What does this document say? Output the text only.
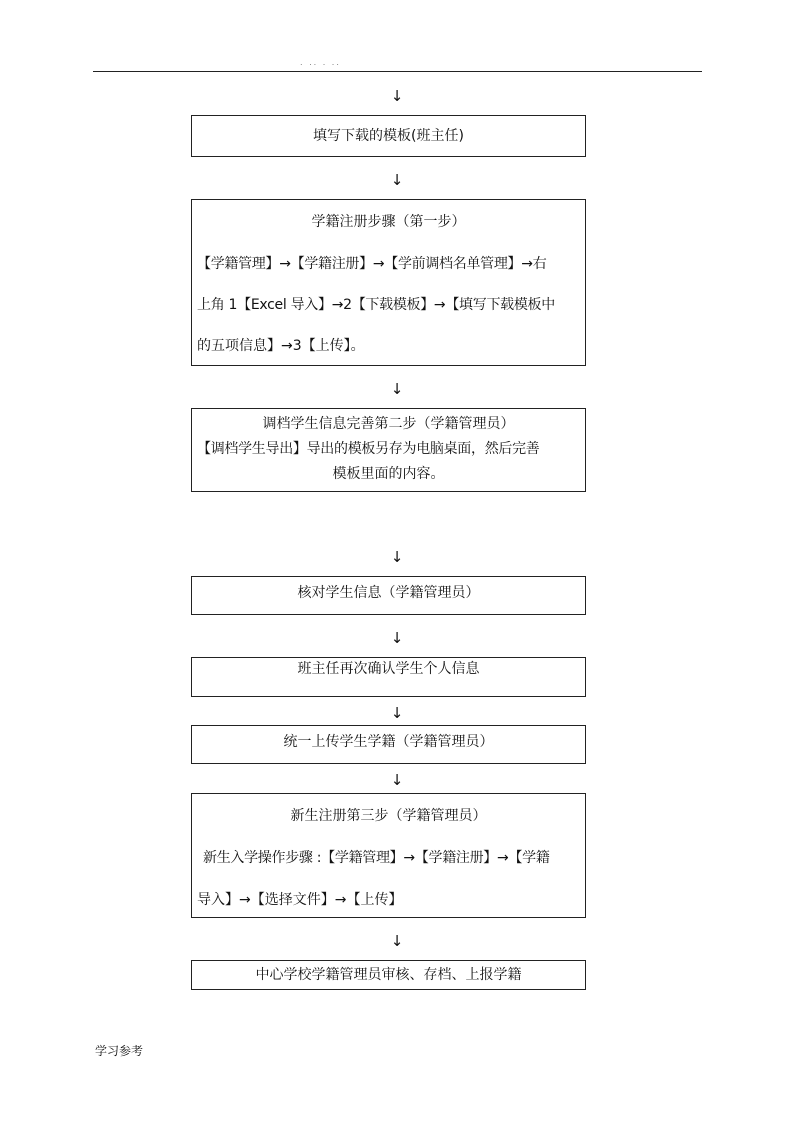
. .. . ..
↓
填写下载的模板(班主任)
↓
学籍注册步骤（第一步）
【学籍管理】→【学籍注册】→【学前调档名单管理】→右
上角 1【Excel 导入】→2【下载模板】→【填写下载模板中
的五项信息】→3【上传】。
↓
调档学生信息完善第二步（学籍管理员）
【调档学生导出】导出的模板另存为电脑桌面，然后完善
模板里面的内容。
↓
核对学生信息（学籍管理员）
↓
班主任再次确认学生个人信息
↓
统一上传学生学籍（学籍管理员）
↓
新生注册第三步（学籍管理员）
新生入学操作步骤 :【学籍管理】→【学籍注册】→【学籍
导入】→【选择文件】→【上传】
↓
中心学校学籍管理员审核、存档、上报学籍
学习参考
